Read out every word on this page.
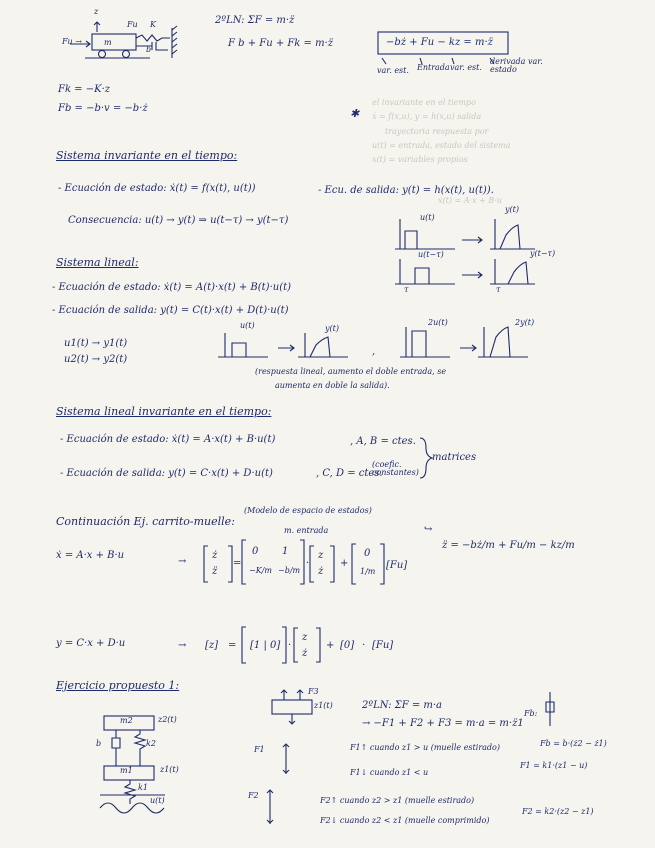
el invariante en el tiempo
ẋ = f(x,u), y = h(x,u) salida
trayectoria respuesta por
u(t) = entrada, estado del sistema
x(t) = variables propios
ẋ(t) = A·x + B·u
z
Fu K
Fu →	m
b
2ºLN: ΣF = m·z̈
F b + Fu + Fk = m·z̈	−bż + Fu − kz = m·z̈
var. est. Entrada var. est.
derivada var. estado
Fk = −K·z
Fb = −b·v = −b·ż	✱
Sistema invariante en el tiempo:
- Ecuación de estado: ẋ(t) = f(x(t), u(t))	- Ecu. de salida: y(t) = h(x(t), u(t)).
Consecuencia: u(t) → y(t) ⇒ u(t−τ) → y(t−τ)	u(t)
y(t)
u(t−τ)	y(t−τ)
τ	τ
Sistema lineal:
- Ecuación de estado: ẋ(t) = A(t)·x(t) + B(t)·u(t)
- Ecuación de salida: y(t) = C(t)·x(t) + D(t)·u(t)
u1(t) → y1(t)
u2(t) → y2(t)
u(t)	y(t)
,
2u(t)	2y(t)
(respuesta lineal, aumento el doble entrada, se
aumenta en doble la salida).
Sistema lineal invariante en el tiempo:
- Ecuación de estado: ẋ(t) = A·x(t) + B·u(t)	, A, B = ctes.
- Ecuación de salida: y(t) = C·x(t) + D·u(t)	, C, D = ctes.
(coefic. constantes)
matrices
(Modelo de espacio de estados)
Continuación Ej. carrito-muelle:
m. entrada	↪
z̈ = −bż/m + Fu/m − kz/m
ẋ = A·x + B·u
→
ż
z̈
=
0 1
−K/m −b/m
·
z
ż
+
0
1/m
[Fu]
y = C·x + D·u	→ [z] = [1 | 0] ·
z
ż
+ [0] · [Fu]
Ejercicio propuesto 1:
2ºLN: ΣF = m·a
→ −F1 + F2 + F3 = m·a = m·z̈1
F1↑ cuando z1 > u (muelle estirado)
F1↓ cuando z1 < u
F1 = k1·(z1 − u)
F2↑ cuando z2 > z1 (muelle estirado)
F2↓ cuando z2 < z1 (muelle comprimido)
F2 = k2·(z2 − z1)
Fb:
Fb = b·(ż2 − ż1)
m2	z2(t)
b	k2
m1	z1(t)
k1
u(t)
F1
F2
F3
z1(t)
